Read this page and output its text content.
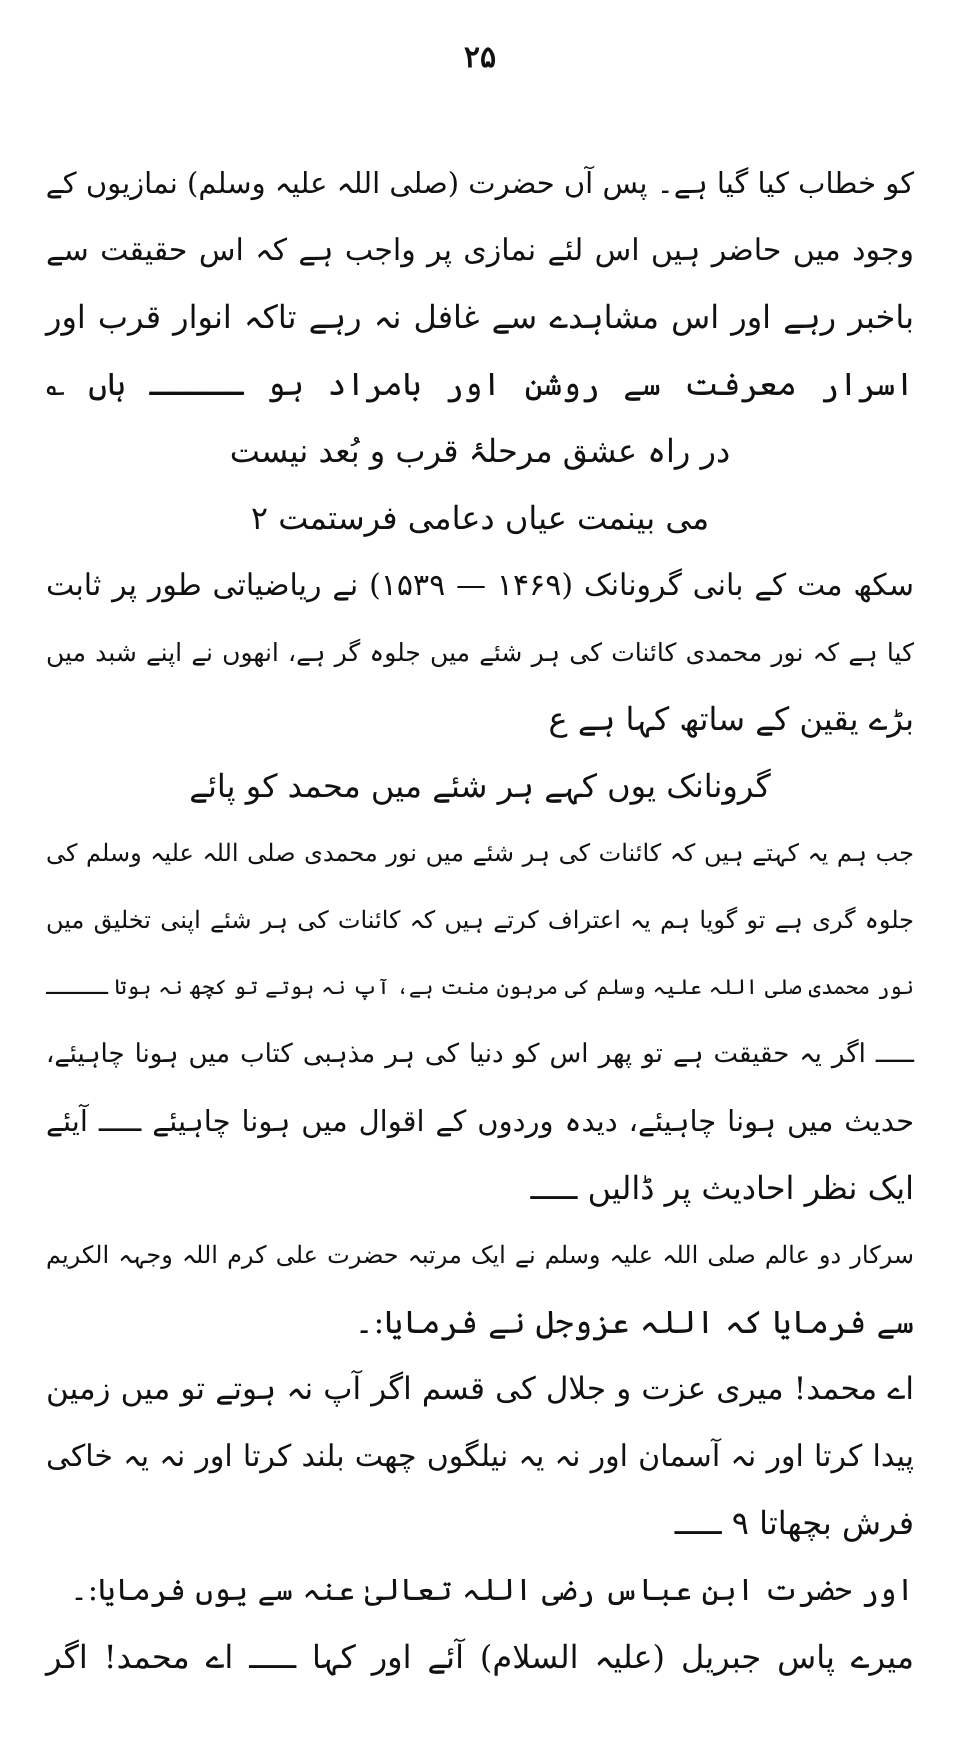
۲۵
کو خطاب کیا گیا ہے۔ پس آں حضرت (صلی اللہ علیہ وسلم) نمازیوں کے
وجود میں حاضر ہیں اس لئے نمازی پر واجب ہے کہ اس حقیقت سے
باخبر رہے اور اس مشاہدے سے غافل نہ رہے تاکہ انوار قرب اور
اسرار معرفت سے روشن اور بامراد ہو ـــــ ہاں ؎
در راہ عشق مرحلۂ قرب و بُعد نیست
می بینمت عیاں دعامی فرستمت ۲
سکھ مت کے بانی گرونانک (۱۴۶۹ — ۱۵۳۹) نے ریاضیاتی طور پر ثابت
کیا ہے کہ نور محمدی کائنات کی ہر شئے میں جلوہ گر ہے، انھوں نے اپنے شبد میں
بڑے یقین کے ساتھ کہا ہے ع
گرونانک یوں کہے ہر شئے میں محمد کو پائے
جب ہم یہ کہتے ہیں کہ کائنات کی ہر شئے میں نور محمدی صلی اللہ علیہ وسلم کی
جلوہ گری ہے تو گویا ہم یہ اعتراف کرتے ہیں کہ کائنات کی ہر شئے اپنی تخلیق میں
نور محمدی صلی اللہ علیہ وسلم کی مرہون منت ہے، آپ نہ ہوتے تو کچھ نہ ہوتا ـــــ
ـــــ اگر یہ حقیقت ہے تو پھر اس کو دنیا کی ہر مذہبی کتاب میں ہونا چاہیئے،
حدیث میں ہونا چاہیئے، دیدہ وردوں کے اقوال میں ہونا چاہیئے ـــــ آیئے
ایک نظر احادیث پر ڈالیں ـــــ
سرکار دو عالم صلی اللہ علیہ وسلم نے ایک مرتبہ حضرت علی کرم اللہ وجہہ الکریم
سے فرمایا کہ اللہ عزوجل نے فرمایا:۔
اے محمد! میری عزت و جلال کی قسم اگر آپ نہ ہوتے تو میں زمین
پیدا کرتا اور نہ آسمان اور نہ یہ نیلگوں چھت بلند کرتا اور نہ یہ خاکی
فرش بچھاتا ۹ ـــــ
اور حضرت ابن عباس رضی اللہ تعالیٰ عنہ سے یوں فرمایا:۔
میرے پاس جبریل (علیہ السلام) آئے اور کہا ـــــ اے محمد! اگر
